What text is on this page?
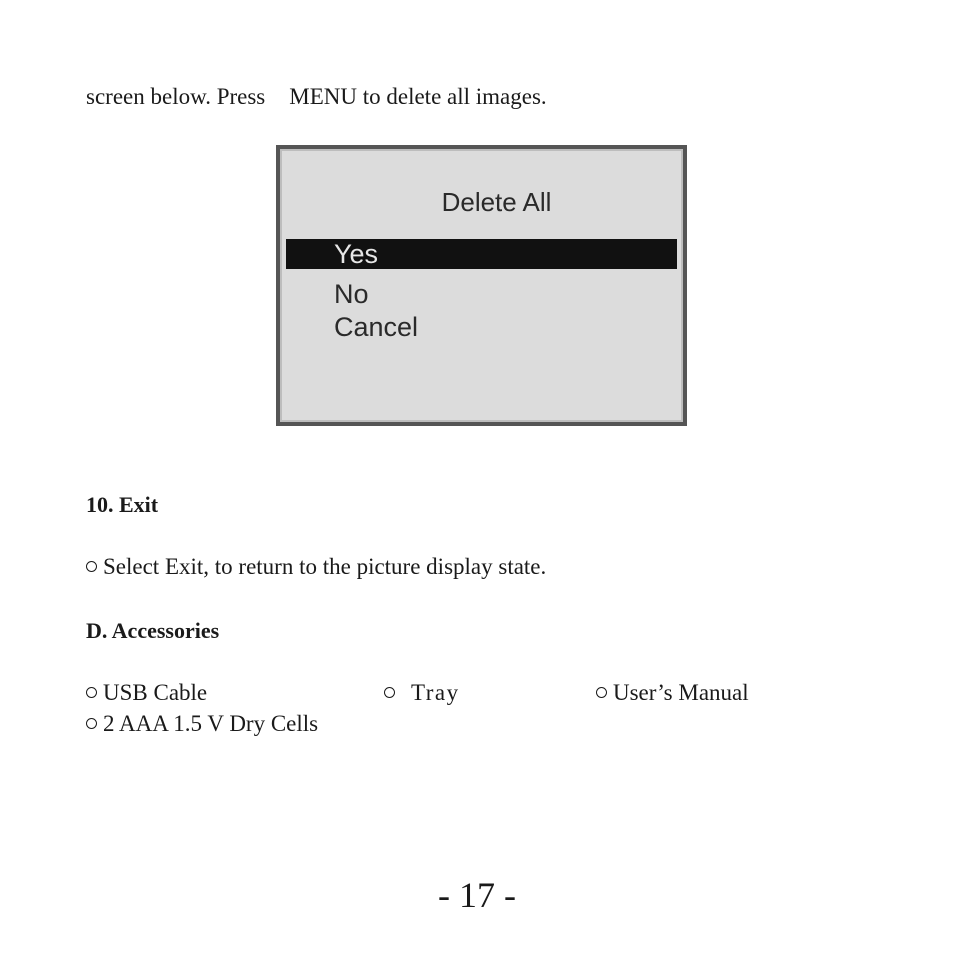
screen below. Press MENU to delete all images.
Delete All
Yes
No
Cancel
10. Exit
Select Exit, to return to the picture display state.
D. Accessories
USB Cable	Tray	User’s Manual
2 AAA 1.5 V Dry Cells
- 17 -
